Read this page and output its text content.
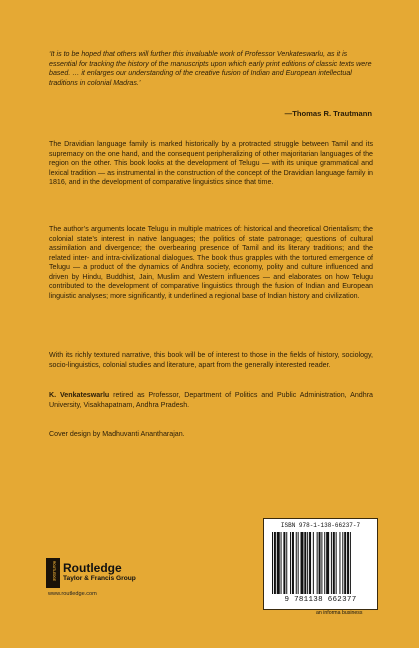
‘It is to be hoped that others will further this invaluable work of Professor Venkateswarlu, as it is essential for tracking the history of the manuscripts upon which early print editions of classic texts were based. … it enlarges our understanding of the creative fusion of Indian and European intellectual traditions in colonial Madras.’
—Thomas R. Trautmann
The Dravidian language family is marked historically by a protracted struggle between Tamil and its supremacy on the one hand, and the consequent peripheralizing of other majoritarian languages of the region on the other. This book looks at the development of Telugu — with its unique grammatical and lexical tradition — as instrumental in the construction of the concept of the Dravidian language family in 1816, and in the development of comparative linguistics since that time.
The author’s arguments locate Telugu in multiple matrices of: historical and theoretical Orientalism; the colonial state’s interest in native languages; the politics of state patronage; questions of cultural assimilation and divergence; the overbearing presence of Tamil and its literary traditions; and the related inter- and intra-civilizational dialogues. The book thus grapples with the tortured emergence of Telugu — a product of the dynamics of Andhra society, economy, polity and culture influenced and driven by Hindu, Buddhist, Jain, Muslim and Western influences — and elaborates on how Telugu contributed to the development of comparative linguistics through the fusion of Indian and European linguistic analyses; more significantly, it underlined a regional base of Indian history and civilization.
With its richly textured narrative, this book will be of interest to those in the fields of history, sociology, socio-linguistics, colonial studies and literature, apart from the generally interested reader.
K. Venkateswarlu retired as Professor, Department of Politics and Public Administration, Andhra University, Visakhapatnam, Andhra Pradesh.
Cover design by Madhuvanti Anantharajan.
ROUTLEDGE Routledge
Taylor & Francis Group
www.routledge.com
ISBN 978-1-138-66237-7
9 781138 662377
an informa business
